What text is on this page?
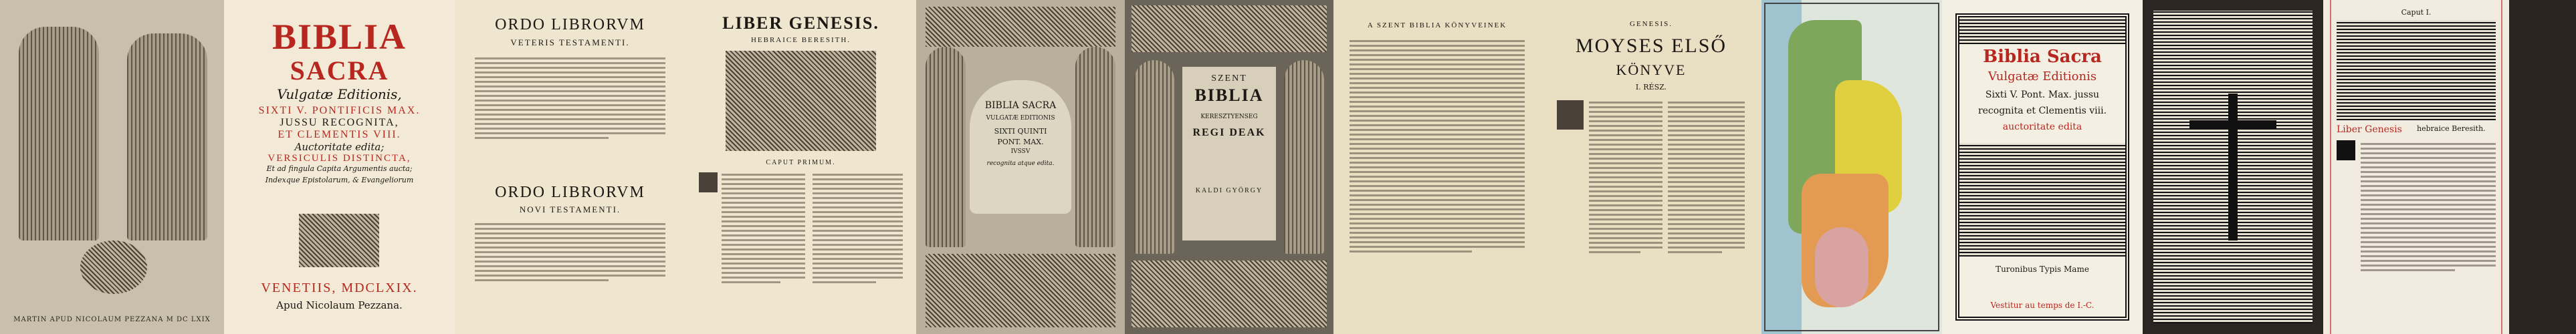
MARTIN APUD NICOLAUM PEZZANA M DC LXIX
BIBLIA
SACRA
Vulgatæ Editionis,
SIXTI V. PONTIFICIS MAX.
JUSSU RECOGNITA,
ET CLEMENTIS VIII.
Auctoritate edita;
VERSICULIS DISTINCTA,
Et ad fingula Capita Argumentis aucta;
Indexque Epistolarum, & Evangeliorum
VENETIIS, MDCLXIX.
Apud Nicolaum Pezzana.
ORDO LIBRORVM
VETERIS TESTAMENTI.
ORDO LIBRORVM
NOVI TESTAMENTI.
LIBER GENESIS.
HEBRAICE BERESITH.
CAPUT PRIMUM.
BIBLIA SACRA
VULGATÆ EDITIONIS
SIXTI QUINTI
PONT. MAX.
IVSSV
recognita atque edita.
SZENT
BIBLIA
KERESZTYENSEG
REGI DEAK
KALDI GYÖRGY
A SZENT BIBLIA KÖNYVEINEK	GENESIS.
MOYSES ELSŐ
KÖNYVE
I. RÉSZ.
Biblia Sacra
Vulgatæ Editionis
Sixti V. Pont. Max. jussu
recognita et Clementis viii.
auctoritate edita
Turonibus Typis Mame
Vestitur au temps de I.-C.
Caput I.
Liber Genesis hebraice Beresith.
